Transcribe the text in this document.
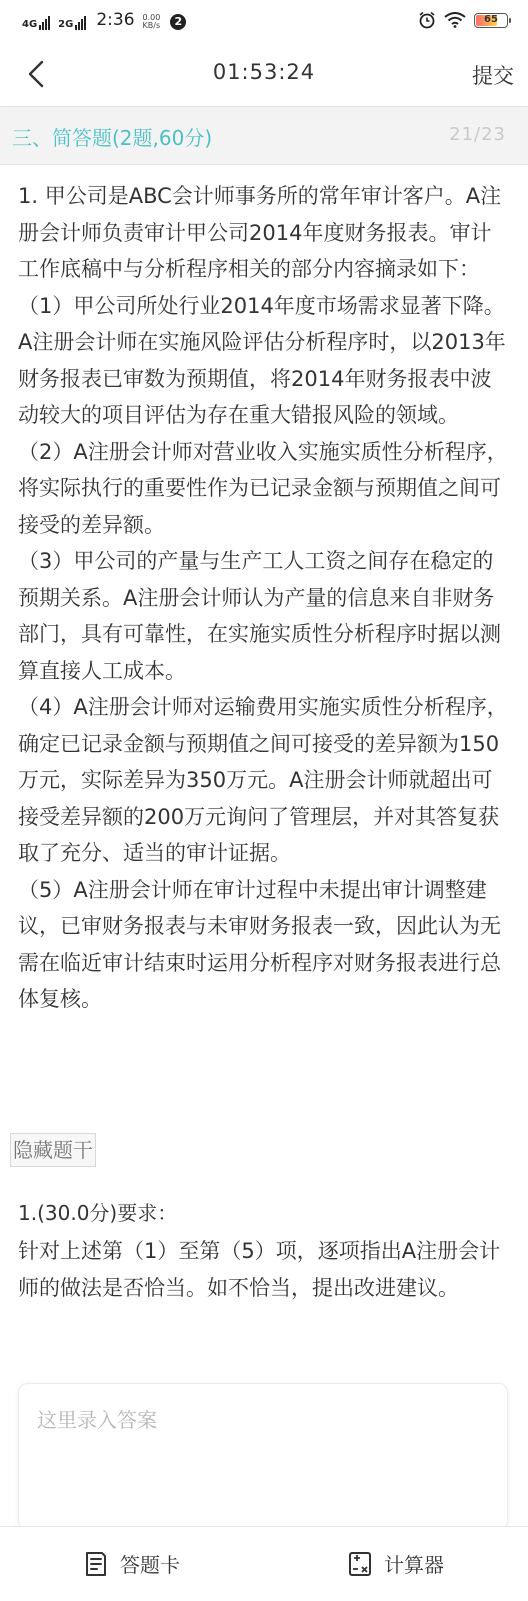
4G 2G 2:36 0.00
KB/s	2	65
01:53:24	提交
三、简答题(2题,60分)	21/23

1. 甲公司是ABC会计师事务所的常年审计客户。A注册会计师负责审计甲公司2014年度财务报表。审计工作底稿中与分析程序相关的部分内容摘录如下：

（1）甲公司所处行业2014年度市场需求显著下降。A注册会计师在实施风险评估分析程序时，以2013年财务报表已审数为预期值，将2014年财务报表中波动较大的项目评估为存在重大错报风险的领域。

（2）A注册会计师对营业收入实施实质性分析程序，将实际执行的重要性作为已记录金额与预期值之间可接受的差异额。

（3）甲公司的产量与生产工人工资之间存在稳定的预期关系。A注册会计师认为产量的信息来自非财务部门，具有可靠性，在实施实质性分析程序时据以测算直接人工成本。

（4）A注册会计师对运输费用实施实质性分析程序，确定已记录金额与预期值之间可接受的差异额为150万元，实际差异为350万元。A注册会计师就超出可接受差异额的200万元询问了管理层，并对其答复获取了充分、适当的审计证据。

（5）A注册会计师在审计过程中未提出审计调整建议，已审财务报表与未审财务报表一致，因此认为无需在临近审计结束时运用分析程序对财务报表进行总体复核。

隐藏题干
1.(30.0分)要求：
针对上述第（1）至第（5）项，逐项指出A注册会计师的做法是否恰当。如不恰当，提出改进建议。
这里录入答案
答题卡	计算器
